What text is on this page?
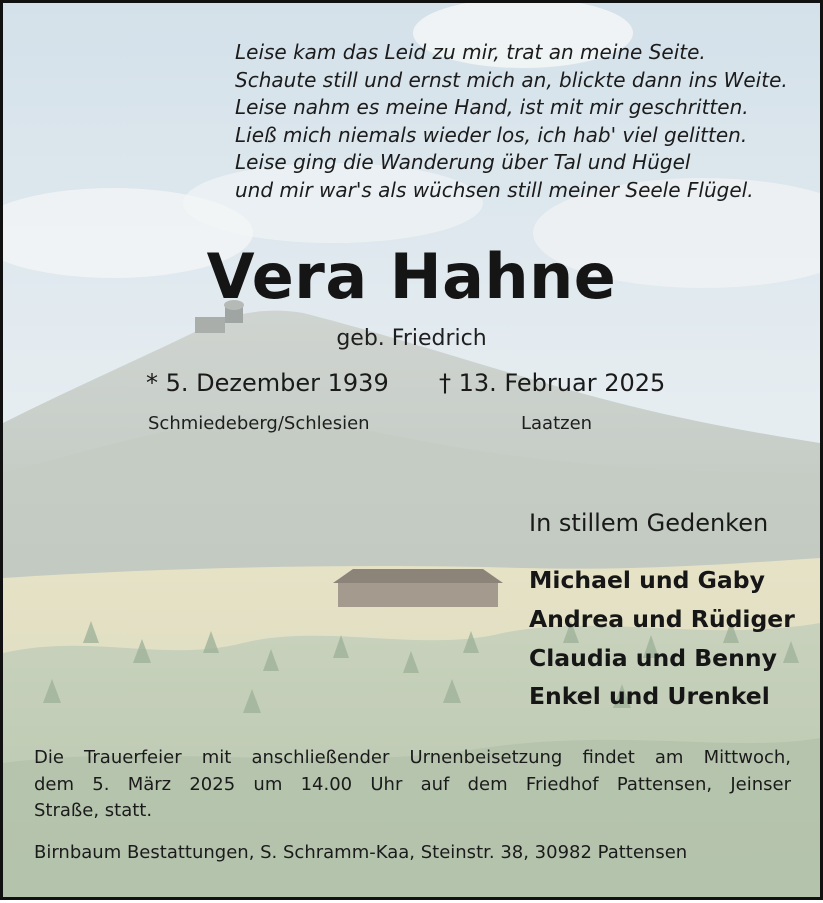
Leise kam das Leid zu mir, trat an meine Seite.
Schaute still und ernst mich an, blickte dann ins Weite.
Leise nahm es meine Hand, ist mit mir geschritten.
Ließ mich niemals wieder los, ich hab' viel gelitten.
Leise ging die Wanderung über Tal und Hügel
und mir war's als wüchsen still meiner Seele Flügel.
Vera Hahne
geb. Friedrich
* 5. Dezember 1939 † 13. Februar 2025
Schmiedeberg/Schlesien	Laatzen
In stillem Gedenken
Michael und Gaby
Andrea und Rüdiger
Claudia und Benny
Enkel und Urenkel
Die Trauerfeier mit anschließender Urnenbeisetzung findet am Mittwoch,
dem 5. März 2025 um 14.00 Uhr auf dem Friedhof Pattensen, Jeinser
Straße, statt.
Birnbaum Bestattungen, S. Schramm-Kaa, Steinstr. 38, 30982 Pattensen
